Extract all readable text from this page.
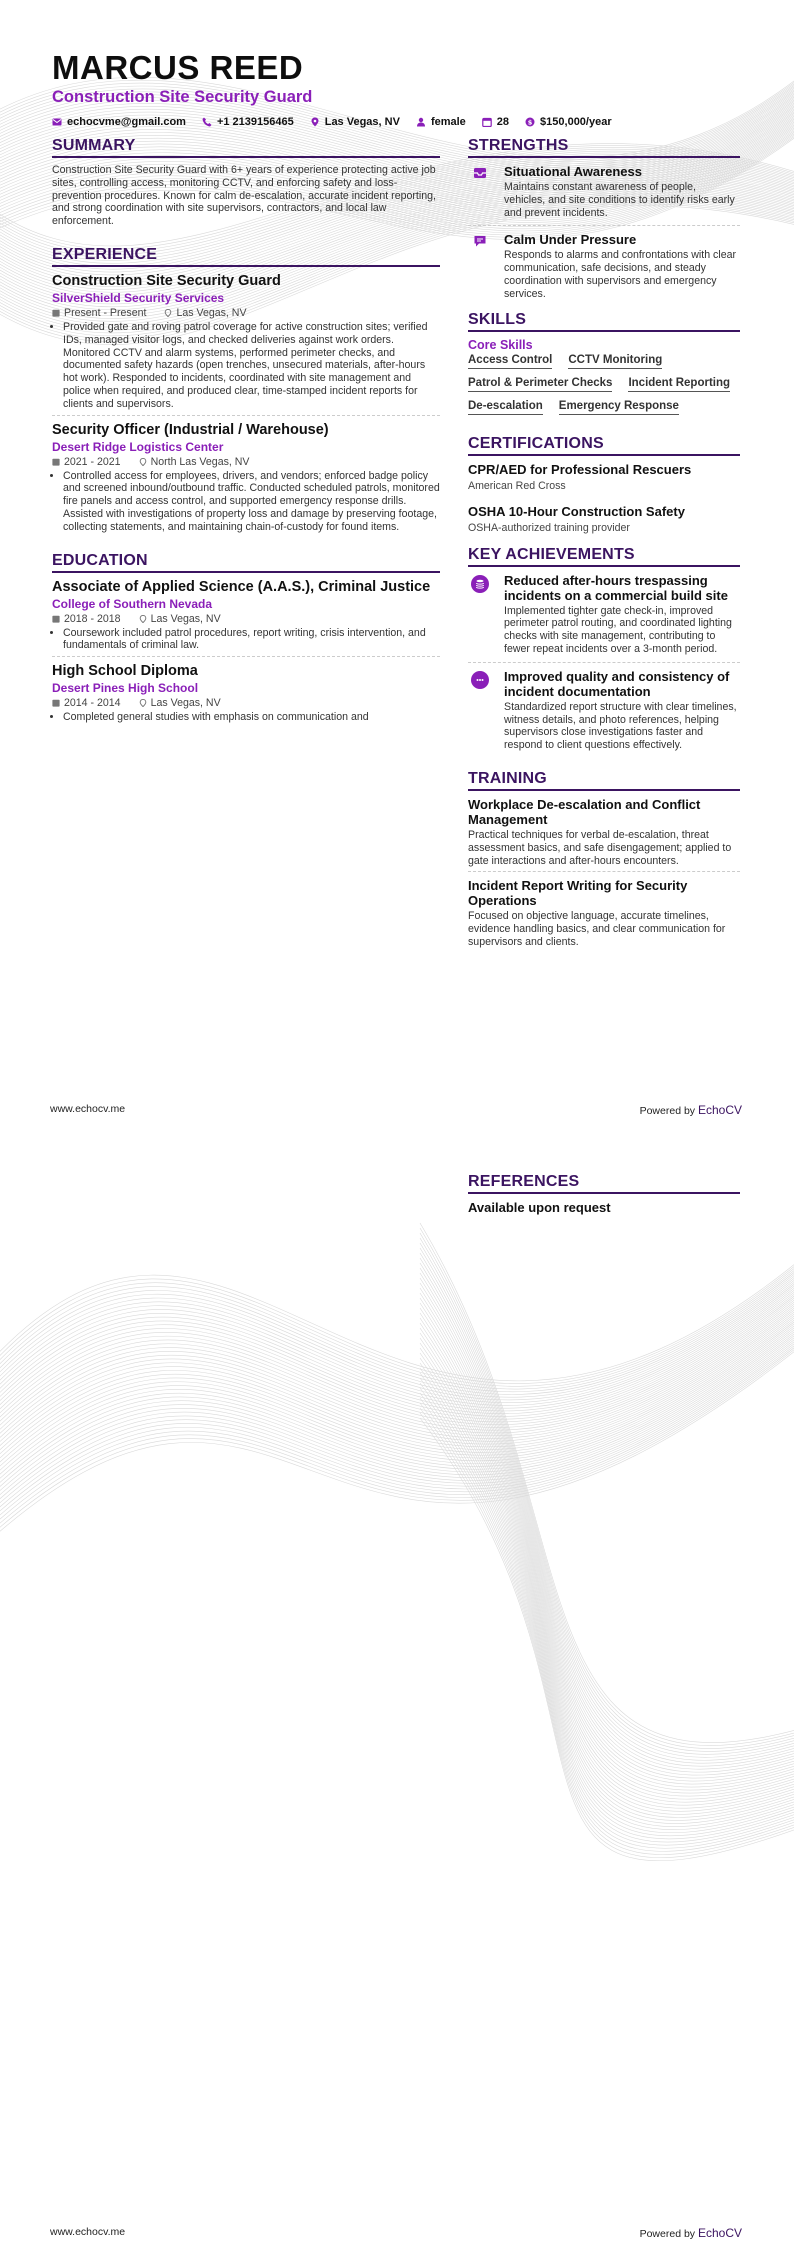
MARCUS REED
Construction Site Security Guard
echocvme@gmail.com	+1 2139156465	Las Vegas, NV	female	28	$ $150,000/year
SUMMARY
Construction Site Security Guard with 6+ years of experience protecting active job sites, controlling access, monitoring CCTV, and enforcing safety and loss-prevention procedures. Known for calm de-escalation, accurate incident reporting, and strong coordination with site supervisors, contractors, and local law enforcement.
EXPERIENCE
Construction Site Security Guard
SilverShield Security Services
Present - Present	Las Vegas, NV
• Provided gate and roving patrol coverage for active construction sites; verified IDs, managed visitor logs, and checked deliveries against work orders. Monitored CCTV and alarm systems, performed perimeter checks, and documented safety hazards (open trenches, unsecured materials, after-hours hot work). Responded to incidents, coordinated with site management and police when required, and produced clear, time-stamped incident reports for clients and supervisors.
Security Officer (Industrial / Warehouse)
Desert Ridge Logistics Center
2021 - 2021	North Las Vegas, NV
• Controlled access for employees, drivers, and vendors; enforced badge policy and screened inbound/outbound traffic. Conducted scheduled patrols, monitored fire panels and access control, and supported emergency response drills. Assisted with investigations of property loss and damage by preserving footage, collecting statements, and maintaining chain-of-custody for found items.
EDUCATION
Associate of Applied Science (A.A.S.), Criminal Justice
College of Southern Nevada
2018 - 2018	Las Vegas, NV
• Coursework included patrol procedures, report writing, crisis intervention, and fundamentals of criminal law.
High School Diploma
Desert Pines High School
2014 - 2014	Las Vegas, NV
• Completed general studies with emphasis on communication and
STRENGTHS
Situational Awareness
Maintains constant awareness of people, vehicles, and site conditions to identify risks early and prevent incidents.
Calm Under Pressure
Responds to alarms and confrontations with clear communication, safe decisions, and steady coordination with supervisors and emergency services.
SKILLS
Core Skills
Access Control CCTV Monitoring
Patrol & Perimeter Checks Incident Reporting
De-escalation Emergency Response
CERTIFICATIONS
CPR/AED for Professional Rescuers
American Red Cross
OSHA 10-Hour Construction Safety
OSHA-authorized training provider
KEY ACHIEVEMENTS
Reduced after-hours trespassing incidents on a commercial build site
Implemented tighter gate check-in, improved perimeter patrol routing, and coordinated lighting checks with site management, contributing to fewer repeat incidents over a 3-month period.
Improved quality and consistency of incident documentation
Standardized report structure with clear timelines, witness details, and photo references, helping supervisors close investigations faster and respond to client questions effectively.
TRAINING
Workplace De-escalation and Conflict Management
Practical techniques for verbal de-escalation, threat assessment basics, and safe disengagement; applied to gate interactions and after-hours encounters.
Incident Report Writing for Security Operations
Focused on objective language, accurate timelines, evidence handling basics, and clear communication for supervisors and clients.
www.echocv.me	Powered by EchoCV
REFERENCES
Available upon request
www.echocv.me	Powered by EchoCV
